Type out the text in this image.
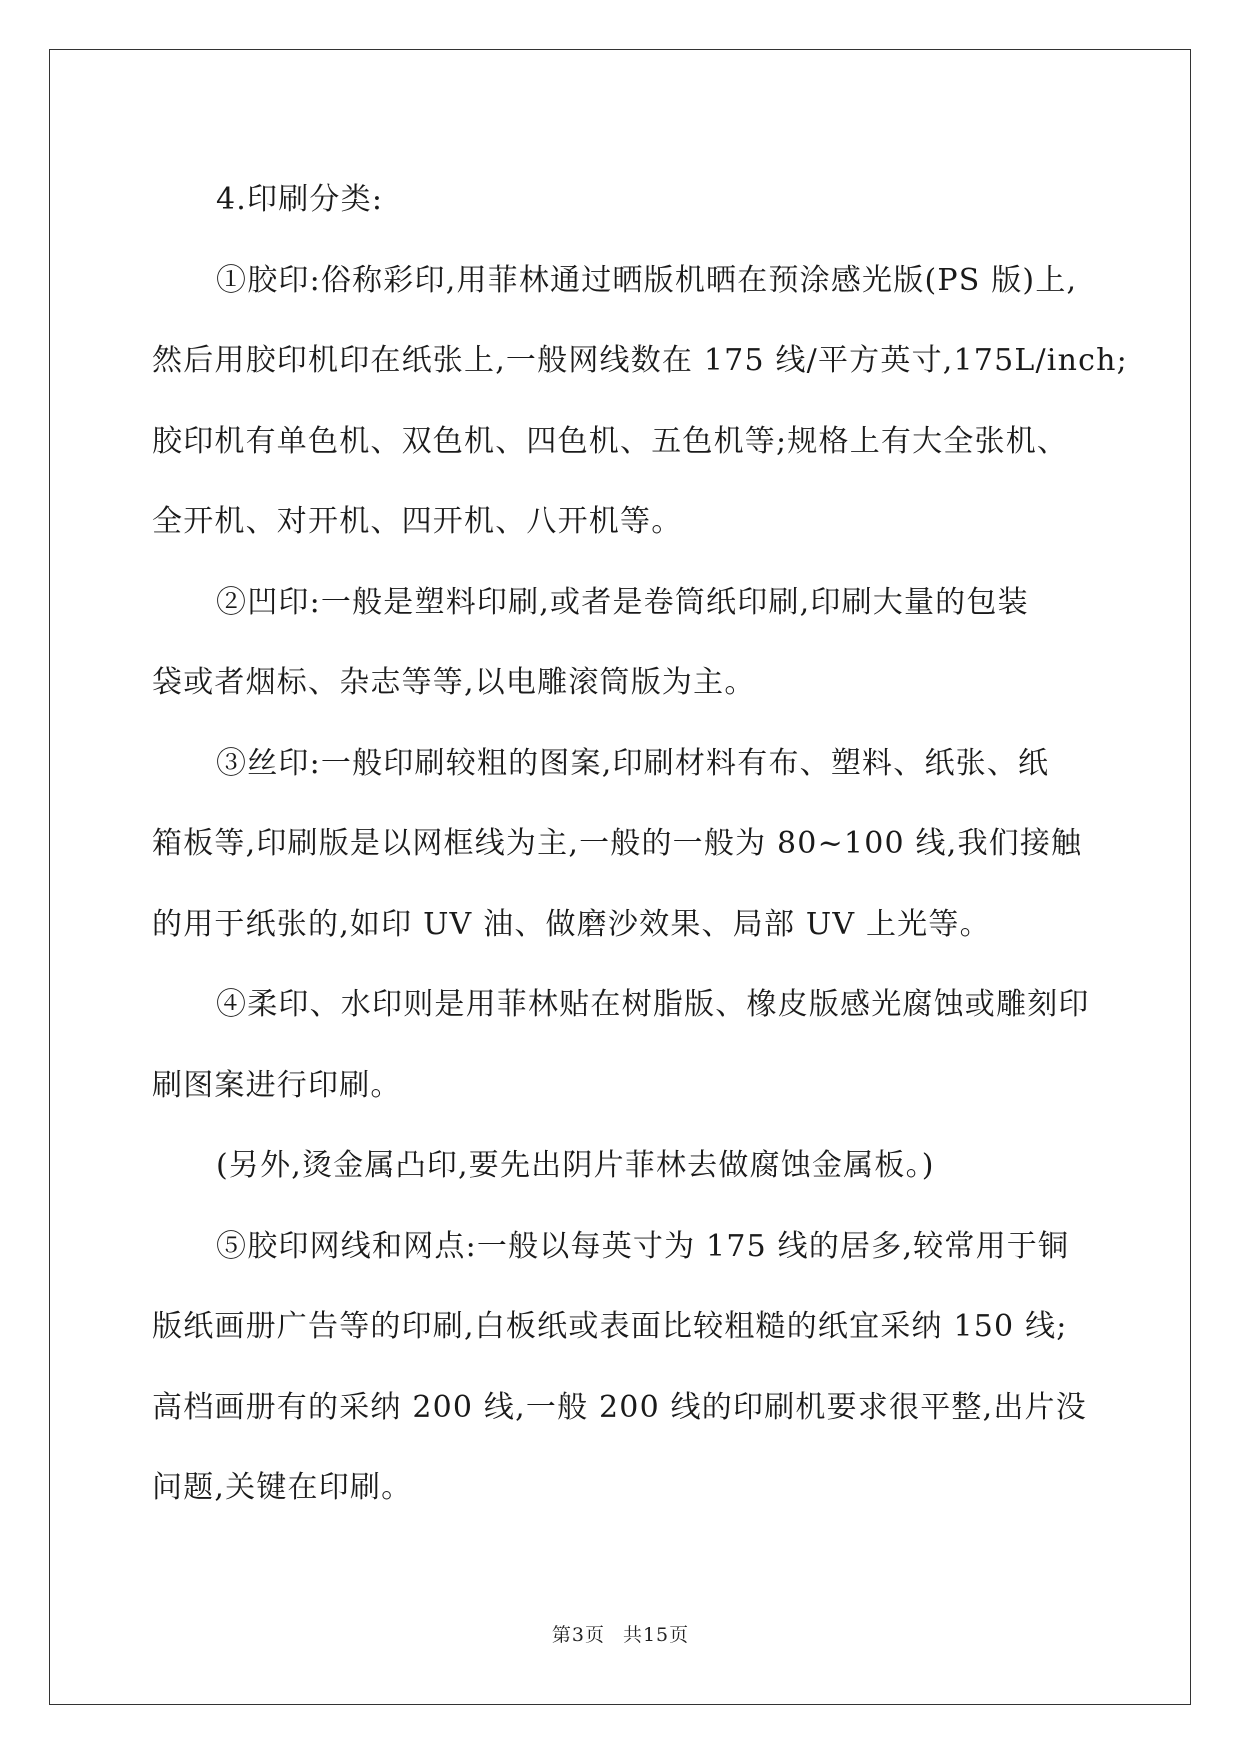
4.印刷分类:
①胶印:俗称彩印,用菲林通过晒版机晒在预涂感光版(PS 版)上,
然后用胶印机印在纸张上,一般网线数在 175 线/平方英寸,175L/inch;
胶印机有单色机、双色机、四色机、五色机等;规格上有大全张机、
全开机、对开机、四开机、八开机等。
②凹印:一般是塑料印刷,或者是卷筒纸印刷,印刷大量的包装
袋或者烟标、杂志等等,以电雕滚筒版为主。
③丝印:一般印刷较粗的图案,印刷材料有布、塑料、纸张、纸
箱板等,印刷版是以网框线为主,一般的一般为 80~100 线,我们接触
的用于纸张的,如印 UV 油、做磨沙效果、局部 UV 上光等。
④柔印、水印则是用菲林贴在树脂版、橡皮版感光腐蚀或雕刻印
刷图案进行印刷。
(另外,烫金属凸印,要先出阴片菲林去做腐蚀金属板。)
⑤胶印网线和网点:一般以每英寸为 175 线的居多,较常用于铜
版纸画册广告等的印刷,白板纸或表面比较粗糙的纸宜采纳 150 线;
高档画册有的采纳 200 线,一般 200 线的印刷机要求很平整,出片没
问题,关键在印刷。
第3页 共15页
